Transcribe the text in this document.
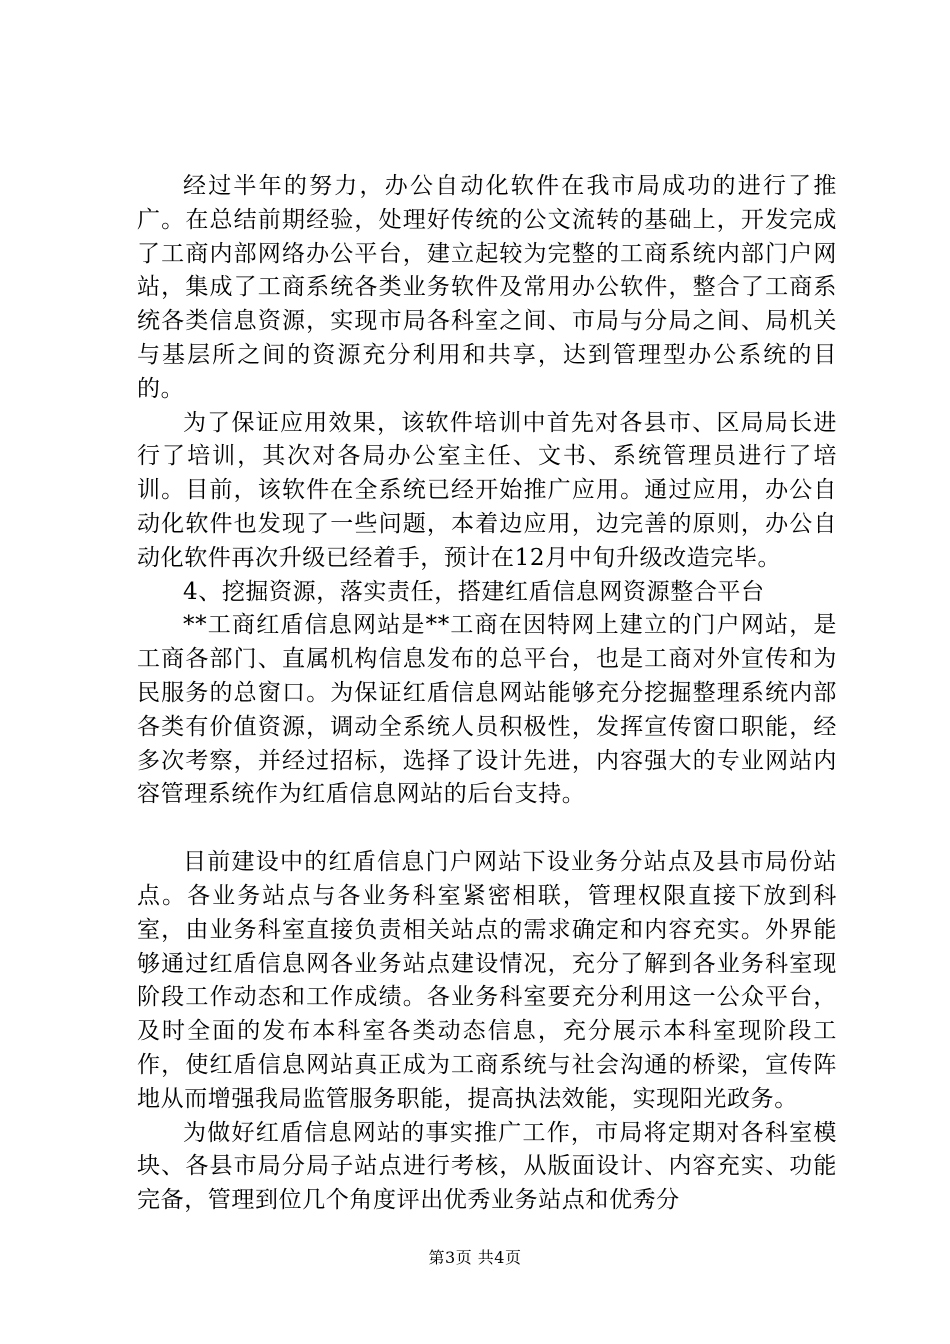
经过半年的努力，办公自动化软件在我市局成功的进行了推广。在总结前期经验，处理好传统的公文流转的基础上，开发完成了工商内部网络办公平台，建立起较为完整的工商系统内部门户网站，集成了工商系统各类业务软件及常用办公软件，整合了工商系统各类信息资源，实现市局各科室之间、市局与分局之间、局机关与基层所之间的资源充分利用和共享，达到管理型办公系统的目的。

为了保证应用效果，该软件培训中首先对各县市、区局局长进行了培训，其次对各局办公室主任、文书、系统管理员进行了培训。目前，该软件在全系统已经开始推广应用。通过应用，办公自动化软件也发现了一些问题，本着边应用，边完善的原则，办公自动化软件再次升级已经着手，预计在12月中旬升级改造完毕。

4、挖掘资源，落实责任，搭建红盾信息网资源整合平台

**工商红盾信息网站是**工商在因特网上建立的门户网站，是工商各部门、直属机构信息发布的总平台，也是工商对外宣传和为民服务的总窗口。为保证红盾信息网站能够充分挖掘整理系统内部各类有价值资源，调动全系统人员积极性，发挥宣传窗口职能，经多次考察，并经过招标，选择了设计先进，内容强大的专业网站内容管理系统作为红盾信息网站的后台支持。

目前建设中的红盾信息门户网站下设业务分站点及县市局份站点。各业务站点与各业务科室紧密相联，管理权限直接下放到科室，由业务科室直接负责相关站点的需求确定和内容充实。外界能够通过红盾信息网各业务站点建设情况，充分了解到各业务科室现阶段工作动态和工作成绩。各业务科室要充分利用这一公众平台，及时全面的发布本科室各类动态信息，充分展示本科室现阶段工作，使红盾信息网站真正成为工商系统与社会沟通的桥梁，宣传阵地从而增强我局监管服务职能，提高执法效能，实现阳光政务。

为做好红盾信息网站的事实推广工作，市局将定期对各科室模块、各县市局分局子站点进行考核，从版面设计、内容充实、功能完备，管理到位几个角度评出优秀业务站点和优秀分

第3页 共4页
